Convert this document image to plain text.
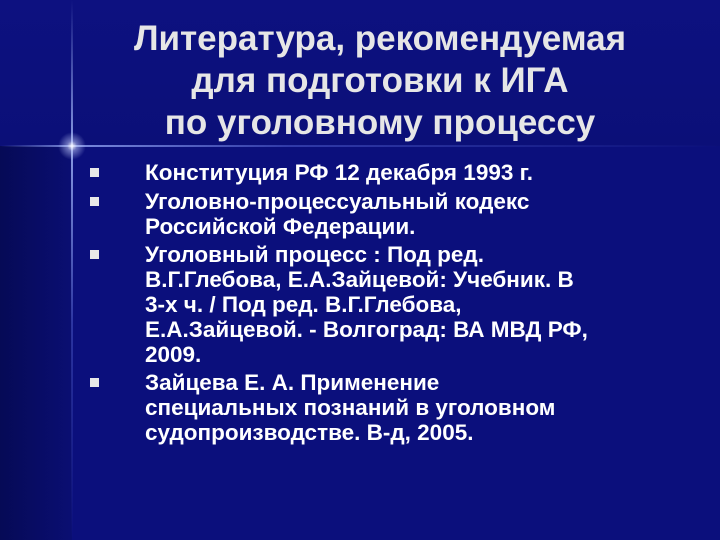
Литература, рекомендуемая
для подготовки к ИГА
по уголовному процессу
Конституция РФ 12 декабря 1993 г.
Уголовно-процессуальный кодекс
Российской Федерации.
Уголовный процесс : Под ред.
В.Г.Глебова, Е.А.Зайцевой: Учебник. В
3-х ч. / Под ред. В.Г.Глебова,
Е.А.Зайцевой. - Волгоград: ВА МВД РФ,
2009.
Зайцева Е. А. Применение
специальных познаний в уголовном
судопроизводстве. В-д, 2005.
